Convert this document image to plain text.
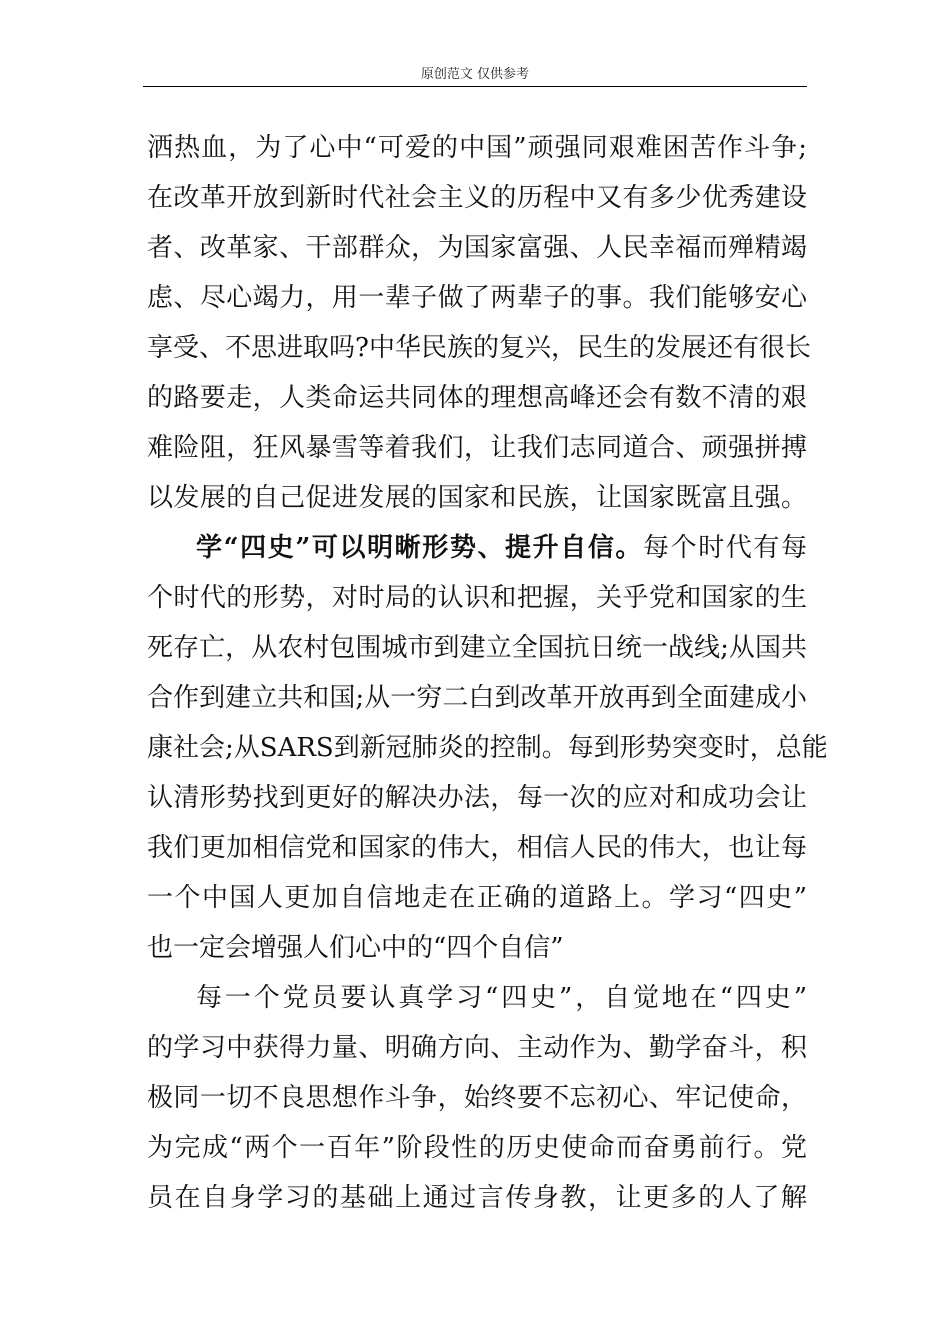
原创范文 仅供参考
洒热血，为了心中“可爱的中国”顽强同艰难困苦作斗争;
在改革开放到新时代社会主义的历程中又有多少优秀建设
者、改革家、干部群众，为国家富强、人民幸福而殚精竭
虑、尽心竭力，用一辈子做了两辈子的事。我们能够安心
享受、不思进取吗?中华民族的复兴，民生的发展还有很长
的路要走，人类命运共同体的理想高峰还会有数不清的艰
难险阻，狂风暴雪等着我们，让我们志同道合、顽强拼搏
以发展的自己促进发展的国家和民族，让国家既富且强。
学“四史”可以明晰形势、提升自信。每个时代有每
个时代的形势，对时局的认识和把握，关乎党和国家的生
死存亡，从农村包围城市到建立全国抗日统一战线;从国共
合作到建立共和国;从一穷二白到改革开放再到全面建成小
康社会;从SARS到新冠肺炎的控制。每到形势突变时，总能
认清形势找到更好的解决办法，每一次的应对和成功会让
我们更加相信党和国家的伟大，相信人民的伟大，也让每
一个中国人更加自信地走在正确的道路上。学习“四史”
也一定会增强人们心中的“四个自信”
每一个党员要认真学习“四史”，自觉地在“四史”
的学习中获得力量、明确方向、主动作为、勤学奋斗，积
极同一切不良思想作斗争，始终要不忘初心、牢记使命，
为完成“两个一百年”阶段性的历史使命而奋勇前行。党
员在自身学习的基础上通过言传身教，让更多的人了解
